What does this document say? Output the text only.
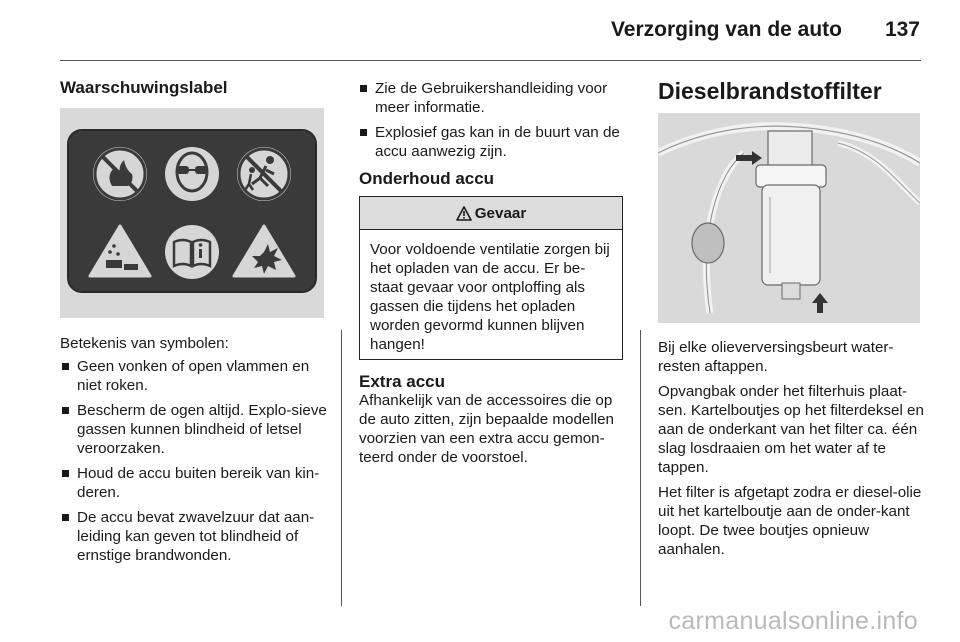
Verzorging van de auto 137
Waarschuwingslabel
Betekenis van symbolen:
Geen vonken of open vlammen en niet roken.
Bescherm de ogen altijd. Explo-sieve gassen kunnen blindheid of letsel veroorzaken.
Houd de accu buiten bereik van kin-deren.
De accu bevat zwavelzuur dat aan-leiding kan geven tot blindheid of ernstige brandwonden.
Zie de Gebruikershandleiding voor meer informatie.
Explosief gas kan in de buurt van de accu aanwezig zijn.
Onderhoud accu
Gevaar
Voor voldoende ventilatie zorgen bij het opladen van de accu. Er be-staat gevaar voor ontploffing als gassen die tijdens het opladen worden gevormd kunnen blijven hangen!
Extra accu
Afhankelijk van de accessoires die op de auto zitten, zijn bepaalde modellen voorzien van een extra accu gemon-teerd onder de voorstoel.
Dieselbrandstoffilter

Bij elke olieverversingsbeurt water-resten aftappen.

Opvangbak onder het filterhuis plaat-sen. Kartelboutjes op het filterdeksel en aan de onderkant van het filter ca. één slag losdraaien om het water af te tappen.

Het filter is afgetapt zodra er diesel-olie uit het kartelboutje aan de onder-kant loopt. De twee boutjes opnieuw aanhalen.

carmanualsonline.info
